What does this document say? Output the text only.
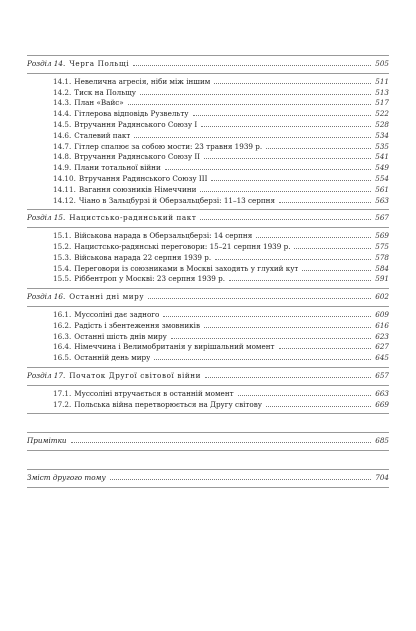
Розділ 14. Черга Польщі	505
14.1. Невелична агресія, ніби між іншим	511
14.2. Тиск на Польщу	513
14.3. План «Вайс»	517
14.4. Гітлерова відповідь Рузвельту	522
14.5. Втручання Радянського Союзу I	528
14.6. Сталевий пакт	534
14.7. Гітлер спалює за собою мости: 23 травня 1939 р.	535
14.8. Втручання Радянського Союзу II	541
14.9. Плани тотальної війни	549
14.10. Втручання Радянського Союзу III	554
14.11. Вагання союзників Німеччини	561
14.12. Чіано в Зальцбурзі й Оберзальцберзі: 11–13 серпня	563
Розділ 15. Нацистсько-радянський пакт	567
15.1. Військова нарада в Оберзальцберзі: 14 серпня	569
15.2. Нацистсько-радянські переговори: 15–21 серпня 1939 р.	575
15.3. Військова нарада 22 серпня 1939 р.	578
15.4. Переговори із союзниками в Москві заходять у глухий кут	584
15.5. Ріббентроп у Москві: 23 серпня 1939 р.	591
Розділ 16. Останні дні миру	602
16.1. Муссоліні дає задного	609
16.2. Радість і збентеження змовників	616
16.3. Останні шість днів миру	623
16.4. Німеччина і Велимобританія у вирішальний момент	627
16.5. Останній день миру	645
Розділ 17. Початок Другої світової війни	657
17.1. Муссоліні втручається в останній момент	663
17.2. Польська війна перетворюється на Другу світову	669
Примітки	685
Зміст другого тому	704
